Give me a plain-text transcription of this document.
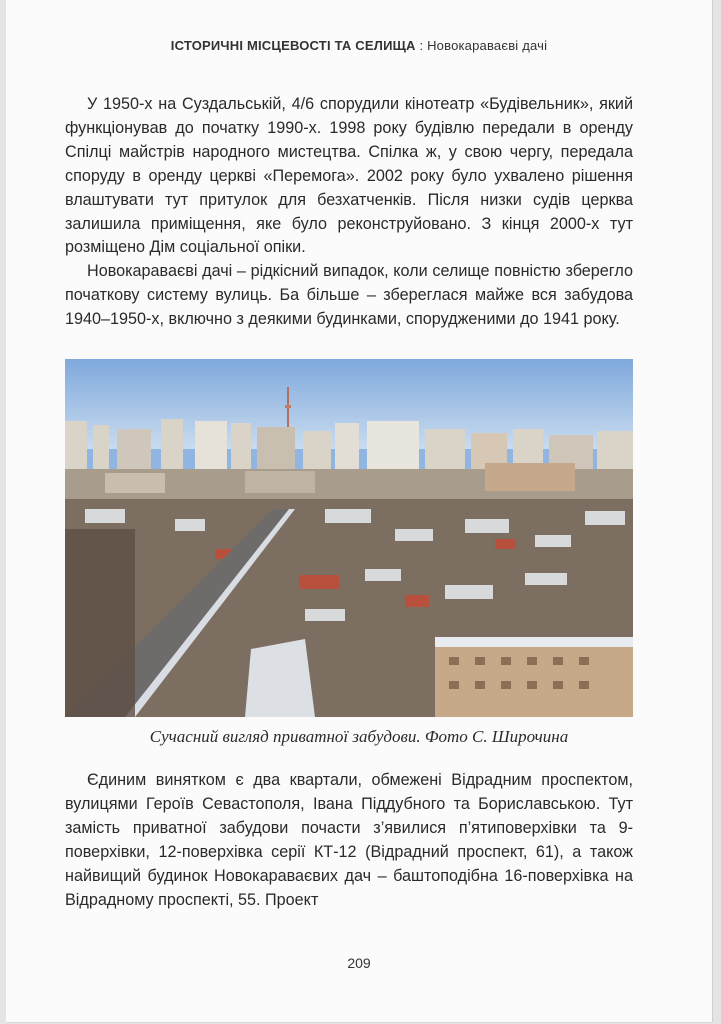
ІСТОРИЧНІ МІСЦЕВОСТІ ТА СЕЛИЩА : Новокараваєві дачі

У 1950-х на Суздальській, 4/6 спорудили кінотеатр «Будівельник», який функціонував до початку 1990-х. 1998 року будівлю передали в оренду Спілці майстрів народного мистецтва. Спілка ж, у свою чергу, передала споруду в оренду церкві «Перемога». 2002 року було ухвалено рішення влаштувати тут притулок для безхатченків. Після низки судів церква залишила приміщення, яке було реконструйовано. З кінця 2000-х тут розміщено Дім соціальної опіки.

Новокараваєві дачі – рідкісний випадок, коли селище повністю зберегло початкову систему вулиць. Ба більше – збереглася майже вся забудова 1940–1950-х, включно з деякими будинками, спорудженими до 1941 року.

Сучасний вигляд приватної забудови. Фото С. Широчина

Єдиним винятком є два квартали, обмежені Відрадним проспектом, вулицями Героїв Севастополя, Івана Піддубного та Бориславською. Тут замість приватної забудови почасти з’явилися п’ятиповерхівки та 9-поверхівки, 12-поверхівка серії КТ-12 (Відрадний проспект, 61), а також найвищий будинок Новокараваєвих дач – баштоподібна 16-поверхівка на Відрадному проспекті, 55. Проект

209
